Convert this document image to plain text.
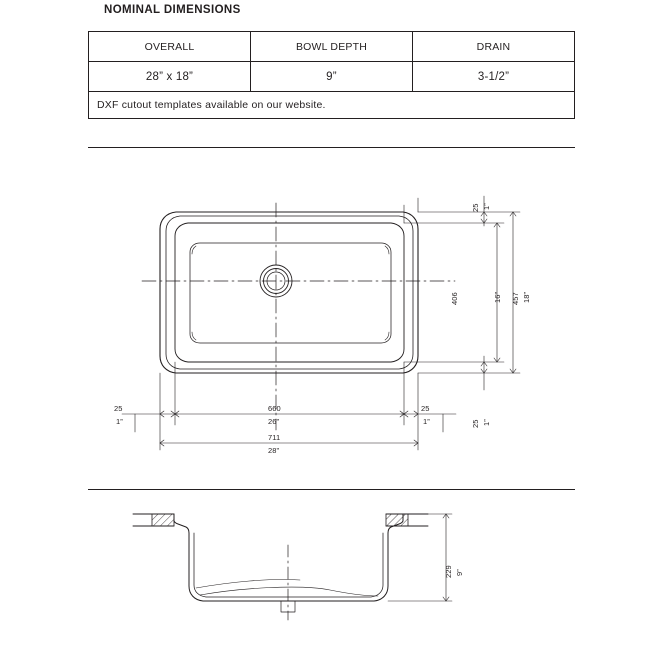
NOMINAL DIMENSIONS
OVERALL	BOWL DEPTH	DRAIN
28” x 18”	9”	3-1/2”
DXF cutout templates available on our website.		
457 18”
406	16”
25 1”
25 1”
660
26”
25
1”
25
1”
711
28”
229 9”
